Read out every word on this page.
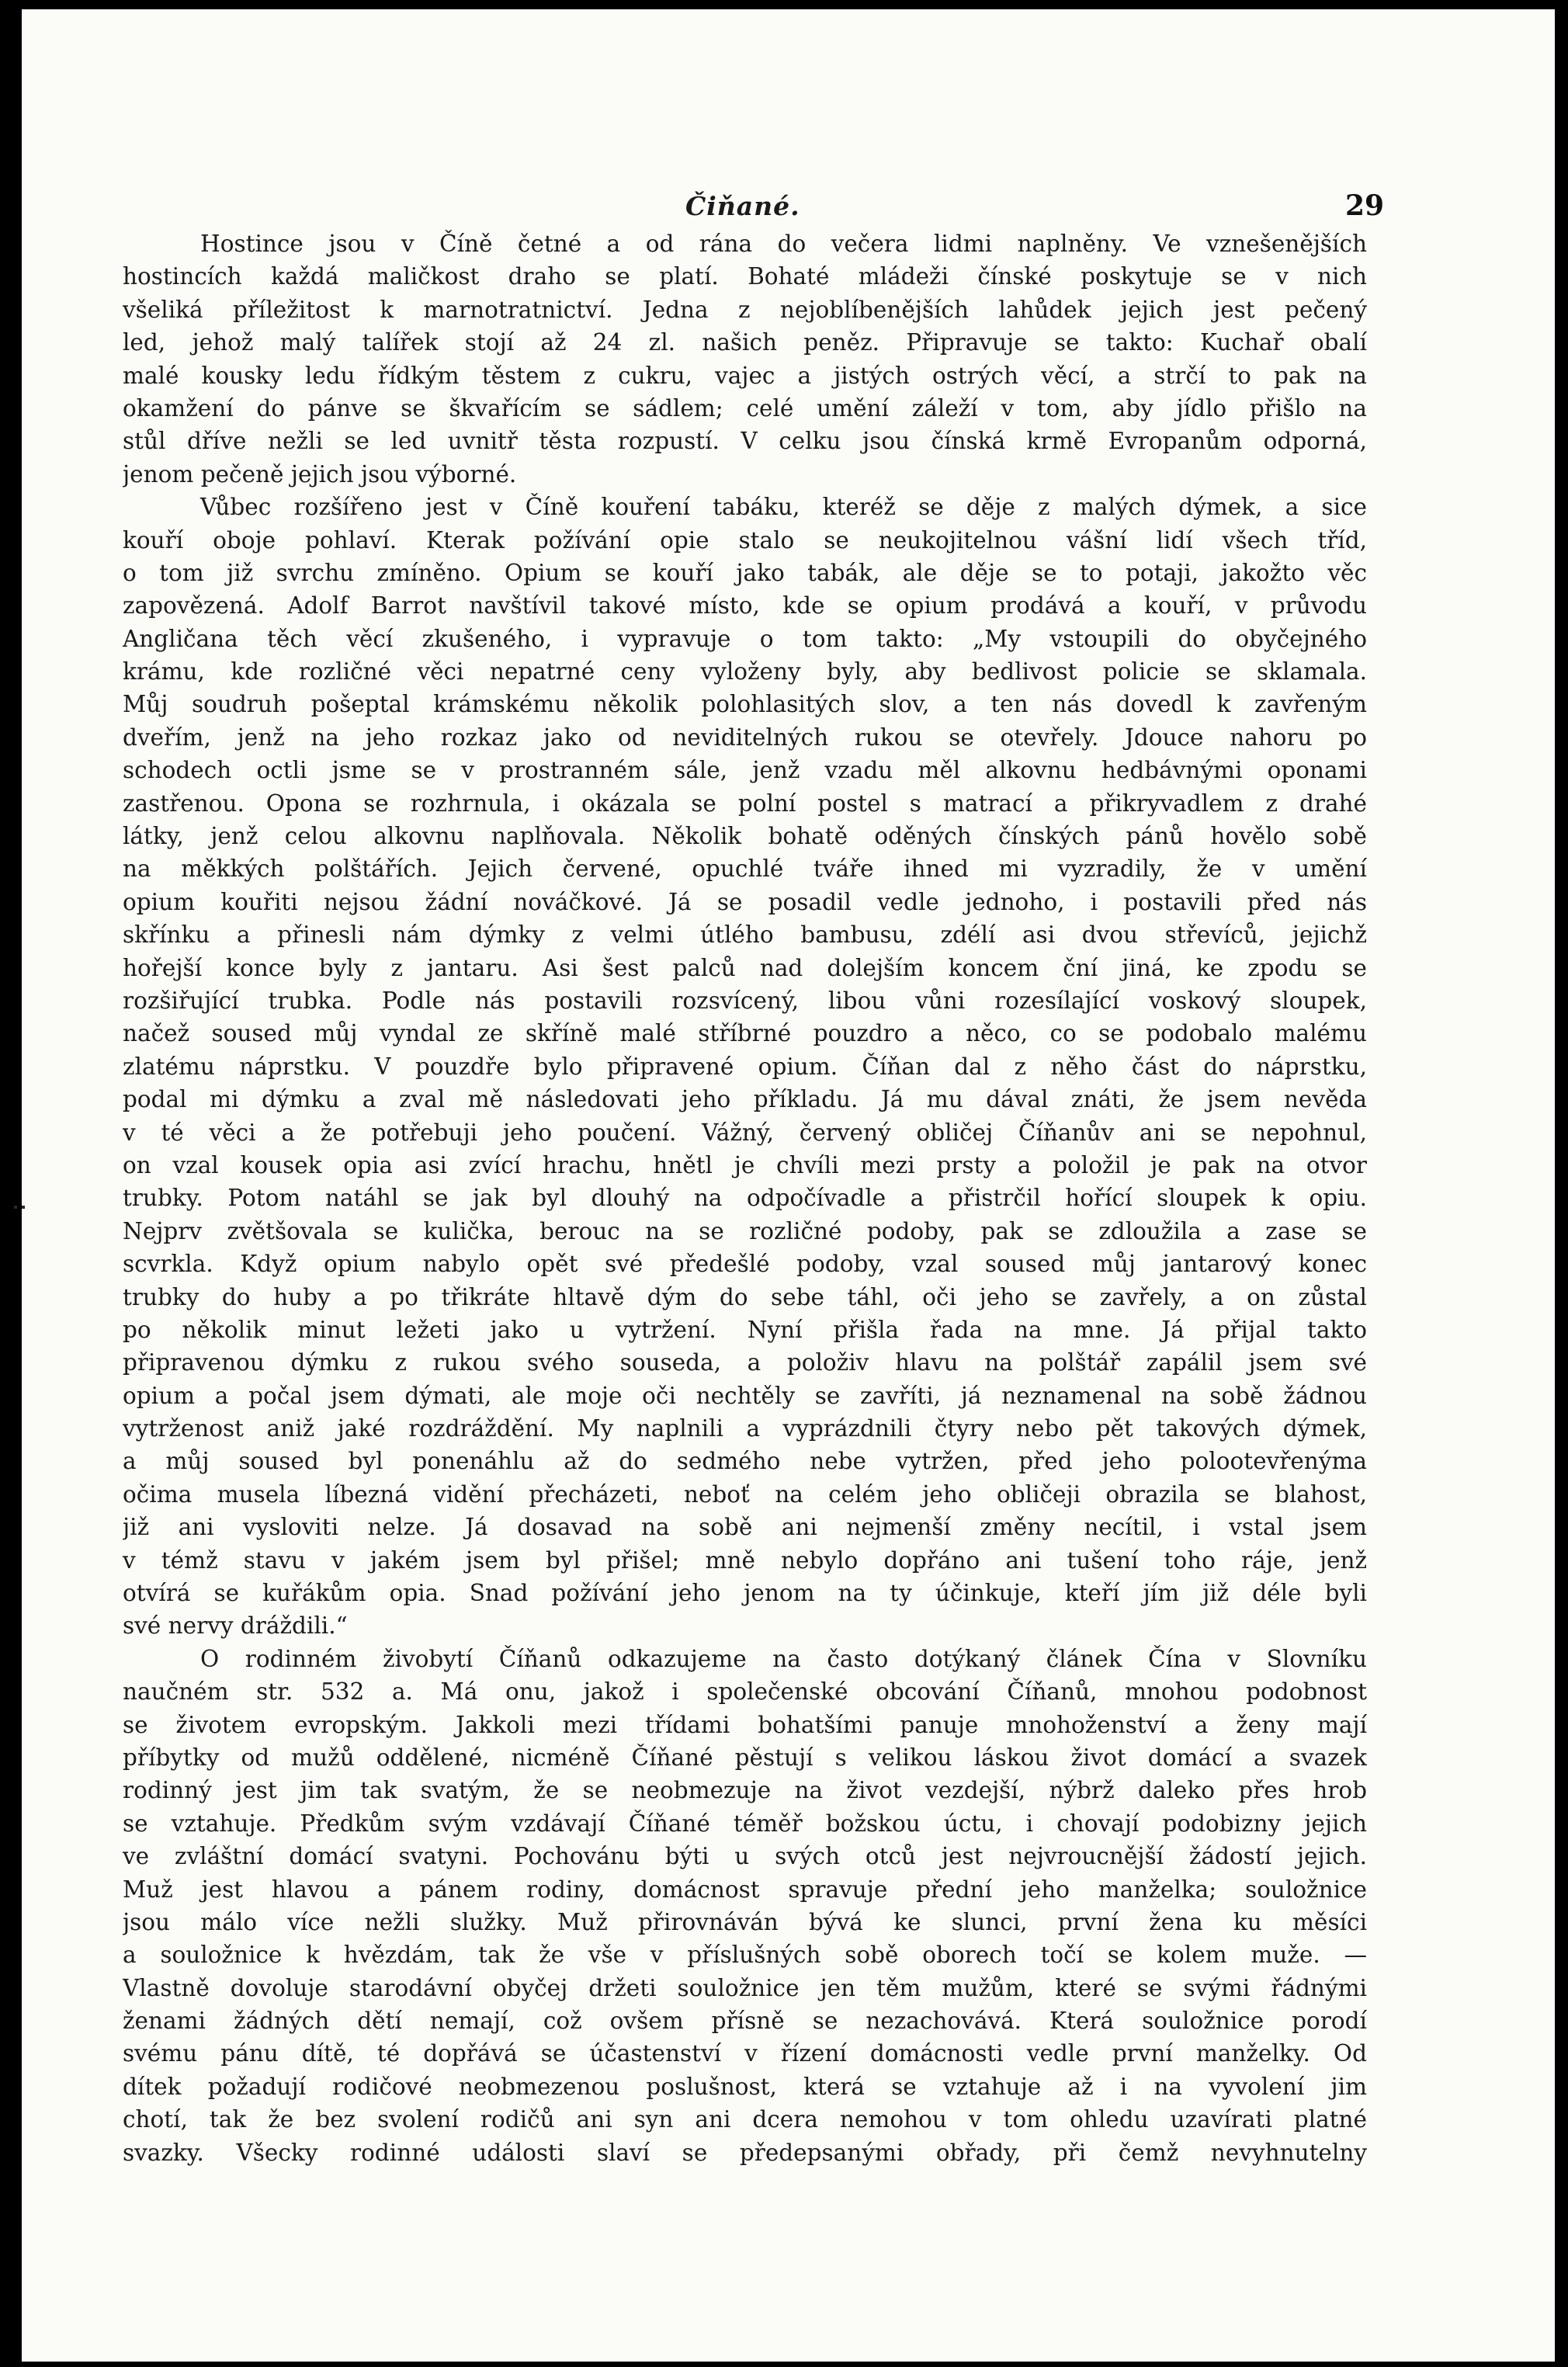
Čiňané.	29
Hostince jsou v Číně četné a od rána do večera lidmi naplněny. Ve vznešenějších
hostincích každá maličkost draho se platí. Bohaté mládeži čínské poskytuje se v nich
všeliká příležitost k marnotratnictví. Jedna z nejoblíbenějších lahůdek jejich jest pečený
led, jehož malý talířek stojí až 24 zl. našich peněz. Připravuje se takto: Kuchař obalí
malé kousky ledu řídkým těstem z cukru, vajec a jistých ostrých věcí, a strčí to pak na
okamžení do pánve se škvařícím se sádlem; celé umění záleží v tom, aby jídlo přišlo na
stůl dříve nežli se led uvnitř těsta rozpustí. V celku jsou čínská krmě Evropanům odporná,
jenom pečeně jejich jsou výborné.
Vůbec rozšířeno jest v Číně kouření tabáku, kteréž se děje z malých dýmek, a sice
kouří oboje pohlaví. Kterak požívání opie stalo se neukojitelnou vášní lidí všech tříd,
o tom již svrchu zmíněno. Opium se kouří jako tabák, ale děje se to potaji, jakožto věc
zapovězená. Adolf Barrot navštívil takové místo, kde se opium prodává a kouří, v průvodu
Angličana těch věcí zkušeného, i vypravuje o tom takto: „My vstoupili do obyčejného
krámu, kde rozličné věci nepatrné ceny vyloženy byly, aby bedlivost policie se sklamala.
Můj soudruh pošeptal krámskému několik polohlasitých slov, a ten nás dovedl k zavřeným
dveřím, jenž na jeho rozkaz jako od neviditelných rukou se otevřely. Jdouce nahoru po
schodech octli jsme se v prostranném sále, jenž vzadu měl alkovnu hedbávnými oponami
zastřenou. Opona se rozhrnula, i okázala se polní postel s matrací a přikryvadlem z drahé
látky, jenž celou alkovnu naplňovala. Několik bohatě oděných čínských pánů hovělo sobě
na měkkých polštářích. Jejich červené, opuchlé tváře ihned mi vyzradily, že v umění
opium kouřiti nejsou žádní nováčkové. Já se posadil vedle jednoho, i postavili před nás
skřínku a přinesli nám dýmky z velmi útlého bambusu, zdélí asi dvou střevíců, jejichž
hořejší konce byly z jantaru. Asi šest palců nad dolejším koncem ční jiná, ke zpodu se
rozšiřující trubka. Podle nás postavili rozsvícený, libou vůni rozesílající voskový sloupek,
načež soused můj vyndal ze skříně malé stříbrné pouzdro a něco, co se podobalo malému
zlatému náprstku. V pouzdře bylo připravené opium. Číňan dal z něho část do náprstku,
podal mi dýmku a zval mě následovati jeho příkladu. Já mu dával znáti, že jsem nevěda
v té věci a že potřebuji jeho poučení. Vážný, červený obličej Číňanův ani se nepohnul,
on vzal kousek opia asi zvící hrachu, hnětl je chvíli mezi prsty a položil je pak na otvor
trubky. Potom natáhl se jak byl dlouhý na odpočívadle a přistrčil hořící sloupek k opiu.
Nejprv zvětšovala se kulička, berouc na se rozličné podoby, pak se zdloužila a zase se
scvrkla. Když opium nabylo opět své předešlé podoby, vzal soused můj jantarový konec
trubky do huby a po třikráte hltavě dým do sebe táhl, oči jeho se zavřely, a on zůstal
po několik minut ležeti jako u vytržení. Nyní přišla řada na mne. Já přijal takto
připravenou dýmku z rukou svého souseda, a položiv hlavu na polštář zapálil jsem své
opium a počal jsem dýmati, ale moje oči nechtěly se zavříti, já neznamenal na sobě žádnou
vytrženost aniž jaké rozdráždění. My naplnili a vyprázdnili čtyry nebo pět takových dýmek,
a můj soused byl ponenáhlu až do sedmého nebe vytržen, před jeho polootevřenýma
očima musela líbezná vidění přecházeti, neboť na celém jeho obličeji obrazila se blahost,
již ani vysloviti nelze. Já dosavad na sobě ani nejmenší změny necítil, i vstal jsem
v témž stavu v jakém jsem byl přišel; mně nebylo dopřáno ani tušení toho ráje, jenž
otvírá se kuřákům opia. Snad požívání jeho jenom na ty účinkuje, kteří jím již déle byli
své nervy dráždili.“
O rodinném živobytí Číňanů odkazujeme na často dotýkaný článek Čína v Slovníku
naučném str. 532 a. Má onu, jakož i společenské obcování Číňanů, mnohou podobnost
se životem evropským. Jakkoli mezi třídami bohatšími panuje mnohoženství a ženy mají
příbytky od mužů oddělené, nicméně Číňané pěstují s velikou láskou život domácí a svazek
rodinný jest jim tak svatým, že se neobmezuje na život vezdejší, nýbrž daleko přes hrob
se vztahuje. Předkům svým vzdávají Číňané téměř božskou úctu, i chovají podobizny jejich
ve zvláštní domácí svatyni. Pochovánu býti u svých otců jest nejvroucnější žádostí jejich.
Muž jest hlavou a pánem rodiny, domácnost spravuje přední jeho manželka; souložnice
jsou málo více nežli služky. Muž přirovnáván bývá ke slunci, první žena ku měsíci
a souložnice k hvězdám, tak že vše v příslušných sobě oborech točí se kolem muže. —
Vlastně dovoluje starodávní obyčej držeti souložnice jen těm mužům, které se svými řádnými
ženami žádných dětí nemají, což ovšem přísně se nezachovává. Která souložnice porodí
svému pánu dítě, té dopřává se účastenství v řízení domácnosti vedle první manželky. Od
dítek požadují rodičové neobmezenou poslušnost, která se vztahuje až i na vyvolení jim
chotí, tak že bez svolení rodičů ani syn ani dcera nemohou v tom ohledu uzavírati platné
svazky. Všecky rodinné události slaví se předepsanými obřady, při čemž nevyhnutelny
